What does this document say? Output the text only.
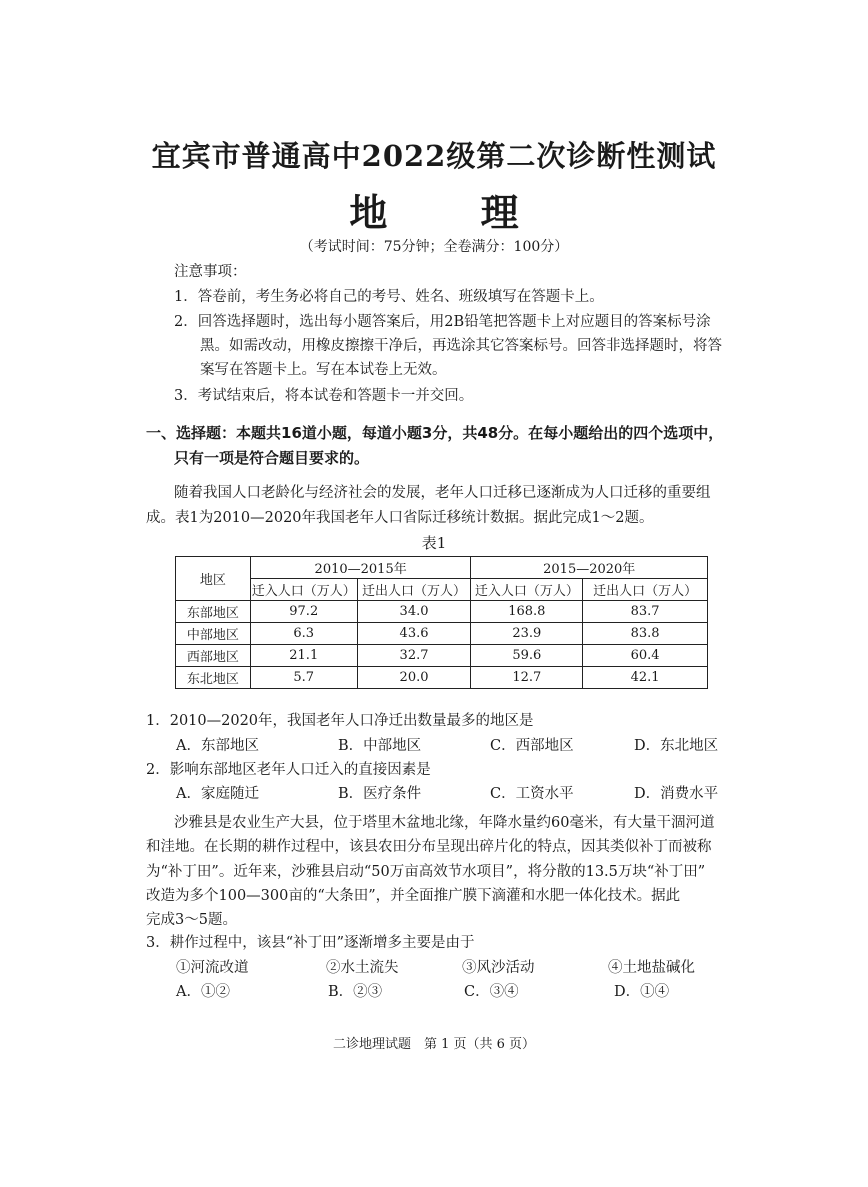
宜宾市普通高中2022级第二次诊断性测试
地 理
（考试时间：75分钟；全卷满分：100分）
注意事项：
1．答卷前，考生务必将自己的考号、姓名、班级填写在答题卡上。
2．回答选择题时，选出每小题答案后，用2B铅笔把答题卡上对应题目的答案标号涂
黑。如需改动，用橡皮擦擦干净后，再选涂其它答案标号。回答非选择题时，将答
案写在答题卡上。写在本试卷上无效。
3．考试结束后，将本试卷和答题卡一并交回。
一、选择题：本题共16道小题，每道小题3分，共48分。在每小题给出的四个选项中，
只有一项是符合题目要求的。
随着我国人口老龄化与经济社会的发展，老年人口迁移已逐渐成为人口迁移的重要组
成。表1为2010—2020年我国老年人口省际迁移统计数据。据此完成1～2题。
表1
地区	2010—2015年		2015—2020年	
	迁入人口（万人）	迁出人口（万人）	迁入人口（万人）	迁出人口（万人）
东部地区	97.2	34.0	168.8	83.7
中部地区	6.3	43.6	23.9	83.8
西部地区	21.1	32.7	59.6	60.4
东北地区	5.7	20.0	12.7	42.1
1．2010—2020年，我国老年人口净迁出数量最多的地区是
A．东部地区	B．中部地区	C．西部地区	D．东北地区
2．影响东部地区老年人口迁入的直接因素是
A．家庭随迁	B．医疗条件	C．工资水平	D．消费水平
沙雅县是农业生产大县，位于塔里木盆地北缘，年降水量约60毫米，有大量干涸河道
和洼地。在长期的耕作过程中，该县农田分布呈现出碎片化的特点，因其类似补丁而被称
为“补丁田”。近年来，沙雅县启动“50万亩高效节水项目”，将分散的13.5万块“补丁田”
改造为多个100—300亩的“大条田”，并全面推广膜下滴灌和水肥一体化技术。据此
完成3～5题。
3．耕作过程中，该县“补丁田”逐渐增多主要是由于
①河流改道	②水土流失	③风沙活动	④土地盐碱化
A．①②	B．②③	C．③④	D．①④
二诊地理试题　第 1 页（共 6 页）
